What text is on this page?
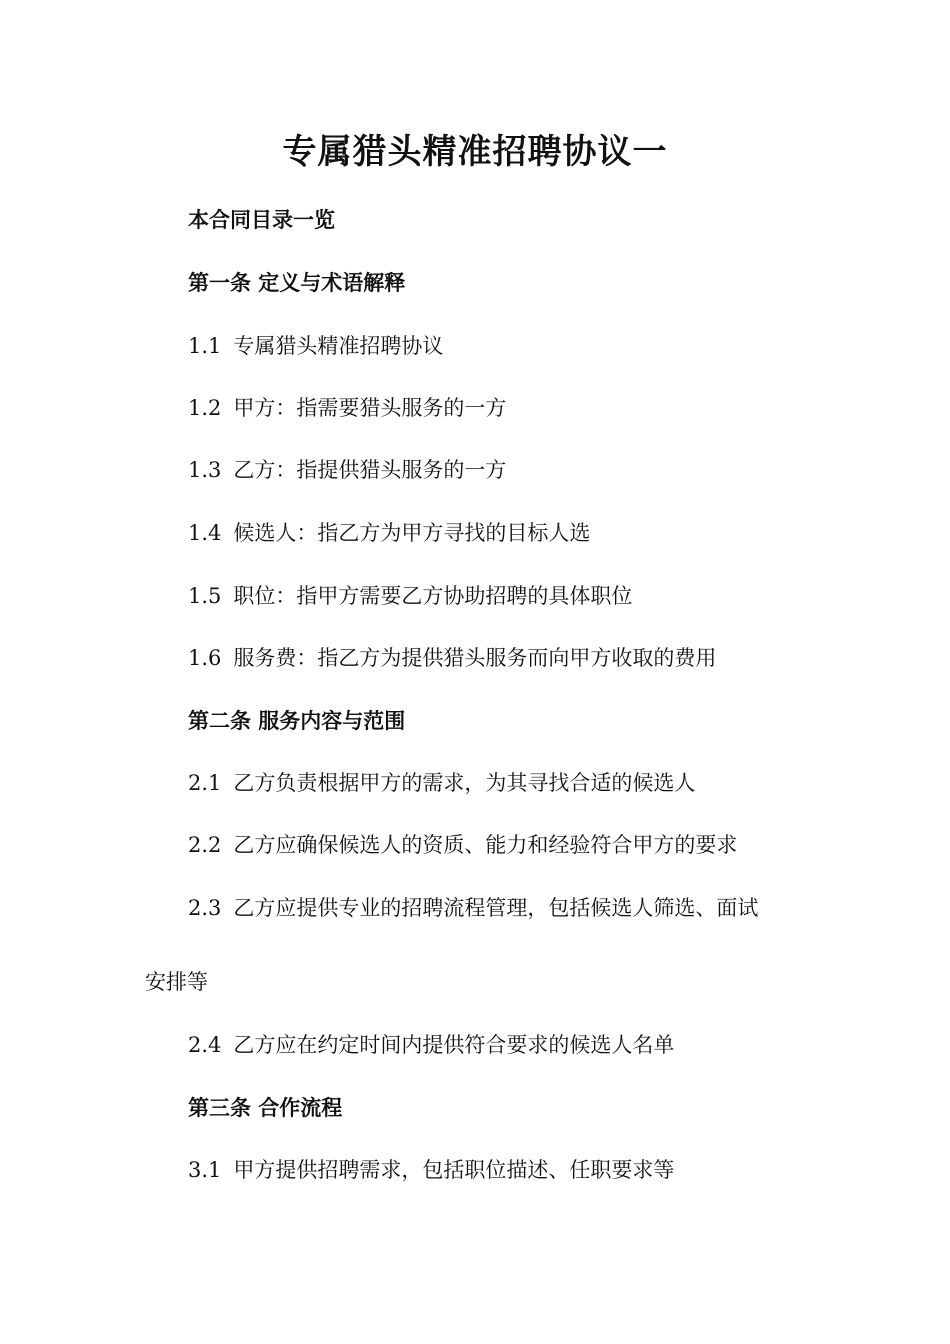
专属猎头精准招聘协议一

本合同目录一览

第一条 定义与术语解释

1.1 专属猎头精准招聘协议

1.2 甲方：指需要猎头服务的一方

1.3 乙方：指提供猎头服务的一方

1.4 候选人：指乙方为甲方寻找的目标人选

1.5 职位：指甲方需要乙方协助招聘的具体职位

1.6 服务费：指乙方为提供猎头服务而向甲方收取的费用

第二条 服务内容与范围

2.1 乙方负责根据甲方的需求，为其寻找合适的候选人

2.2 乙方应确保候选人的资质、能力和经验符合甲方的要求

2.3 乙方应提供专业的招聘流程管理，包括候选人筛选、面试

安排等

2.4 乙方应在约定时间内提供符合要求的候选人名单

第三条 合作流程

3.1 甲方提供招聘需求，包括职位描述、任职要求等
